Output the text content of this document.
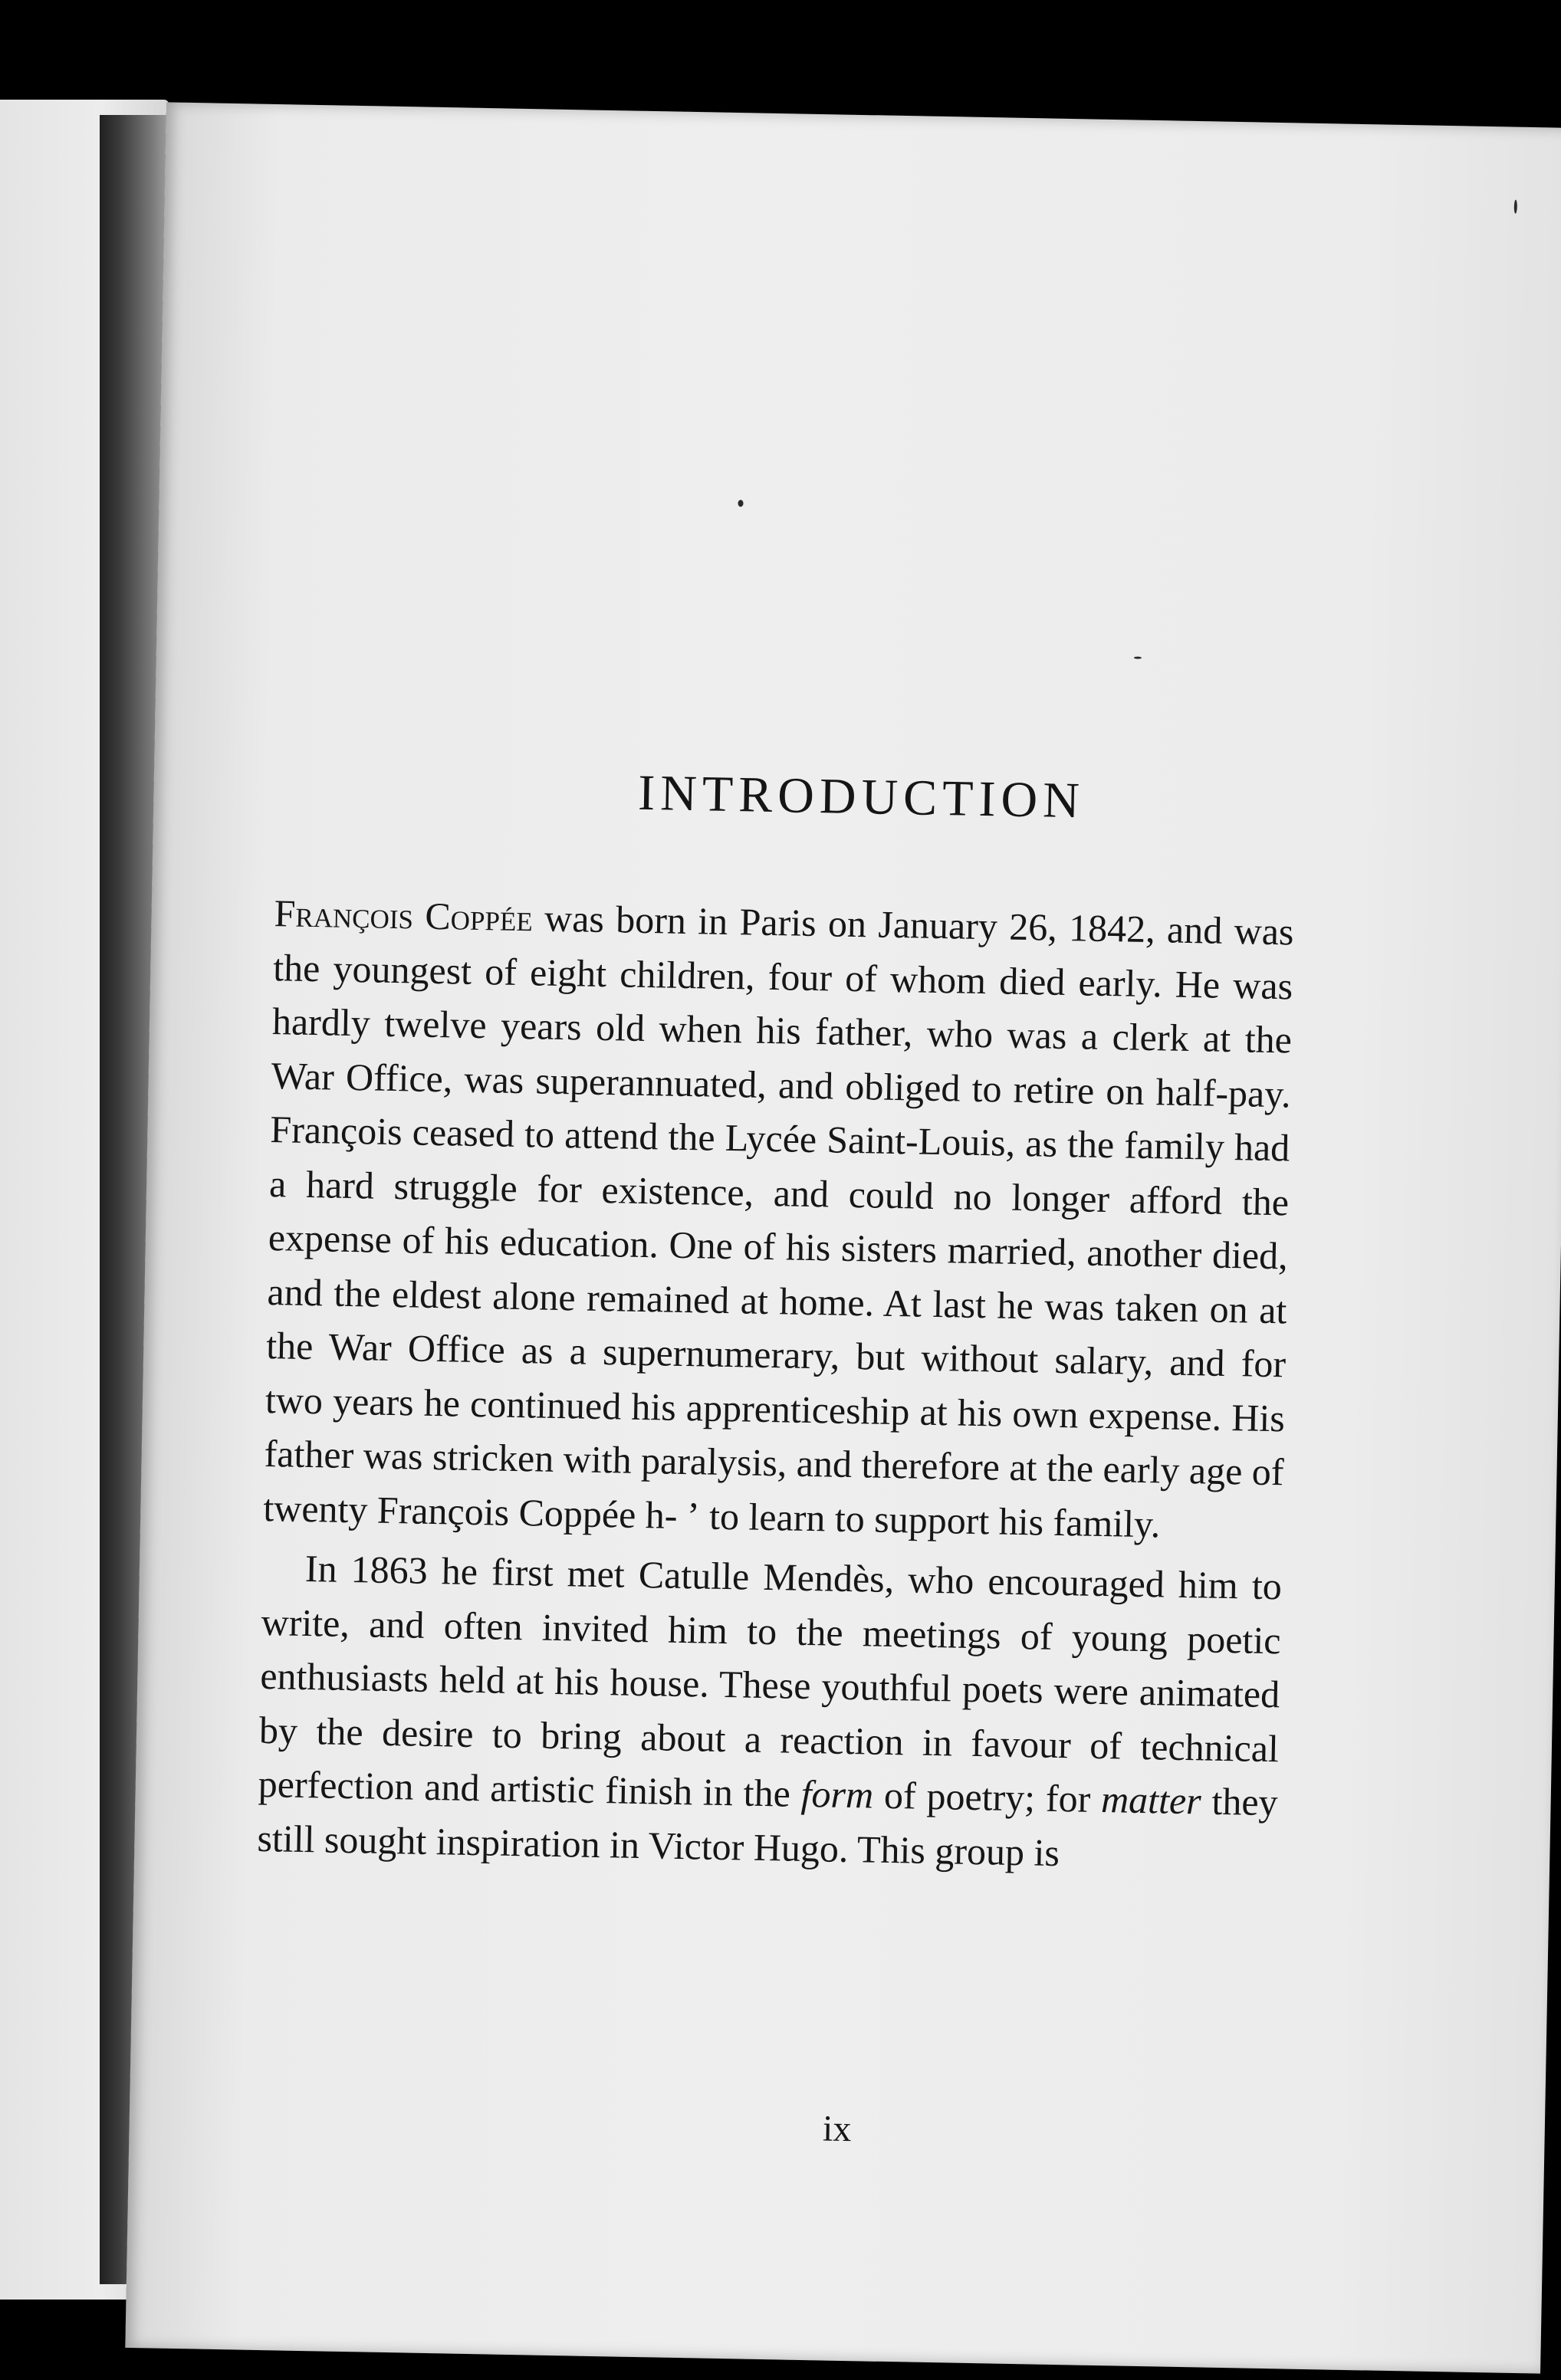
INTRODUCTION

François Coppée was born in Paris on January 26, 1842, and was the youngest of eight children, four of whom died early. He was hardly twelve years old when his father, who was a clerk at the War Office, was superannuated, and obliged to retire on half-pay. François ceased to attend the Lycée Saint-Louis, as the family had a hard struggle for existence, and could no longer afford the expense of his education. One of his sisters married, another died, and the eldest alone remained at home. At last he was taken on at the War Office as a supernumerary, but without salary, and for two years he continued his apprenticeship at his own expense. His father was stricken with paralysis, and therefore at the early age of twenty François Coppée h‐ ʼ to learn to support his family.

In 1863 he first met Catulle Mendès, who encouraged him to write, and often invited him to the meetings of young poetic enthusiasts held at his house. These youthful poets were animated by the desire to bring about a reaction in favour of technical perfection and artistic finish in the form of poetry; for matter they still sought inspiration in Victor Hugo. This group is

ix
